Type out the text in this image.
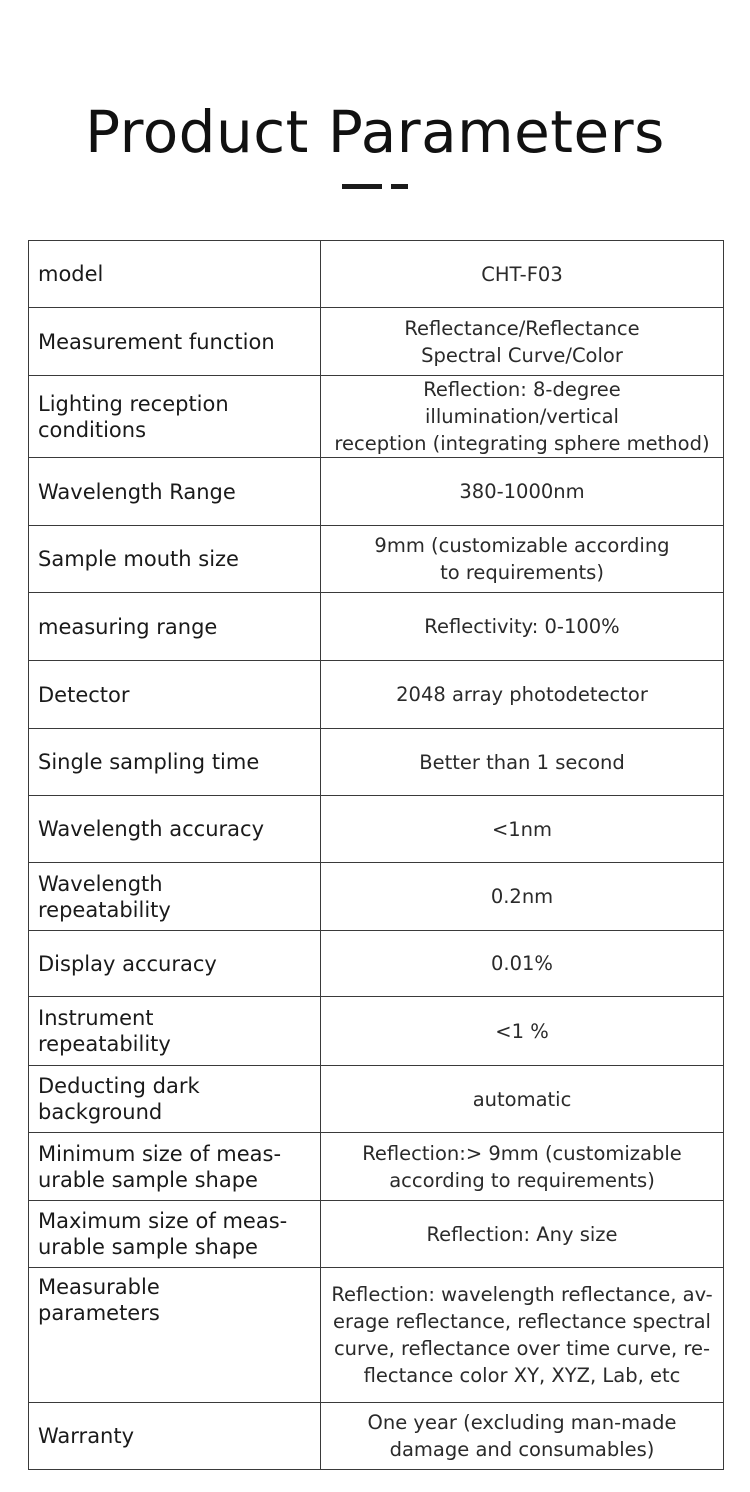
Product Parameters
model	CHT-F03

Measurement function	Reflectance/Reflectance
Spectral Curve/Color

Lighting reception
conditions	Reflection: 8-degree illumination/vertical
reception (integrating sphere method)

Wavelength Range	380-1000nm

Sample mouth size	9mm (customizable according
to requirements)

measuring range	Reflectivity: 0-100%

Detector	2048 array photodetector

Single sampling time	Better than 1 second

Wavelength accuracy	<1nm

Wavelength
repeatability	0.2nm

Display accuracy	0.01%

Instrument
repeatability	<1 %

Deducting dark
background	automatic

Minimum size of meas-
urable sample shape	Reflection:> 9mm (customizable
according to requirements)

Maximum size of meas-
urable sample shape	Reflection: Any size

Measurable
parameters	Reflection: wavelength reflectance, av-
erage reflectance, reflectance spectral
curve, reflectance over time curve, re-
flectance color XY, XYZ, Lab, etc

Warranty	One year (excluding man-made
damage and consumables)
